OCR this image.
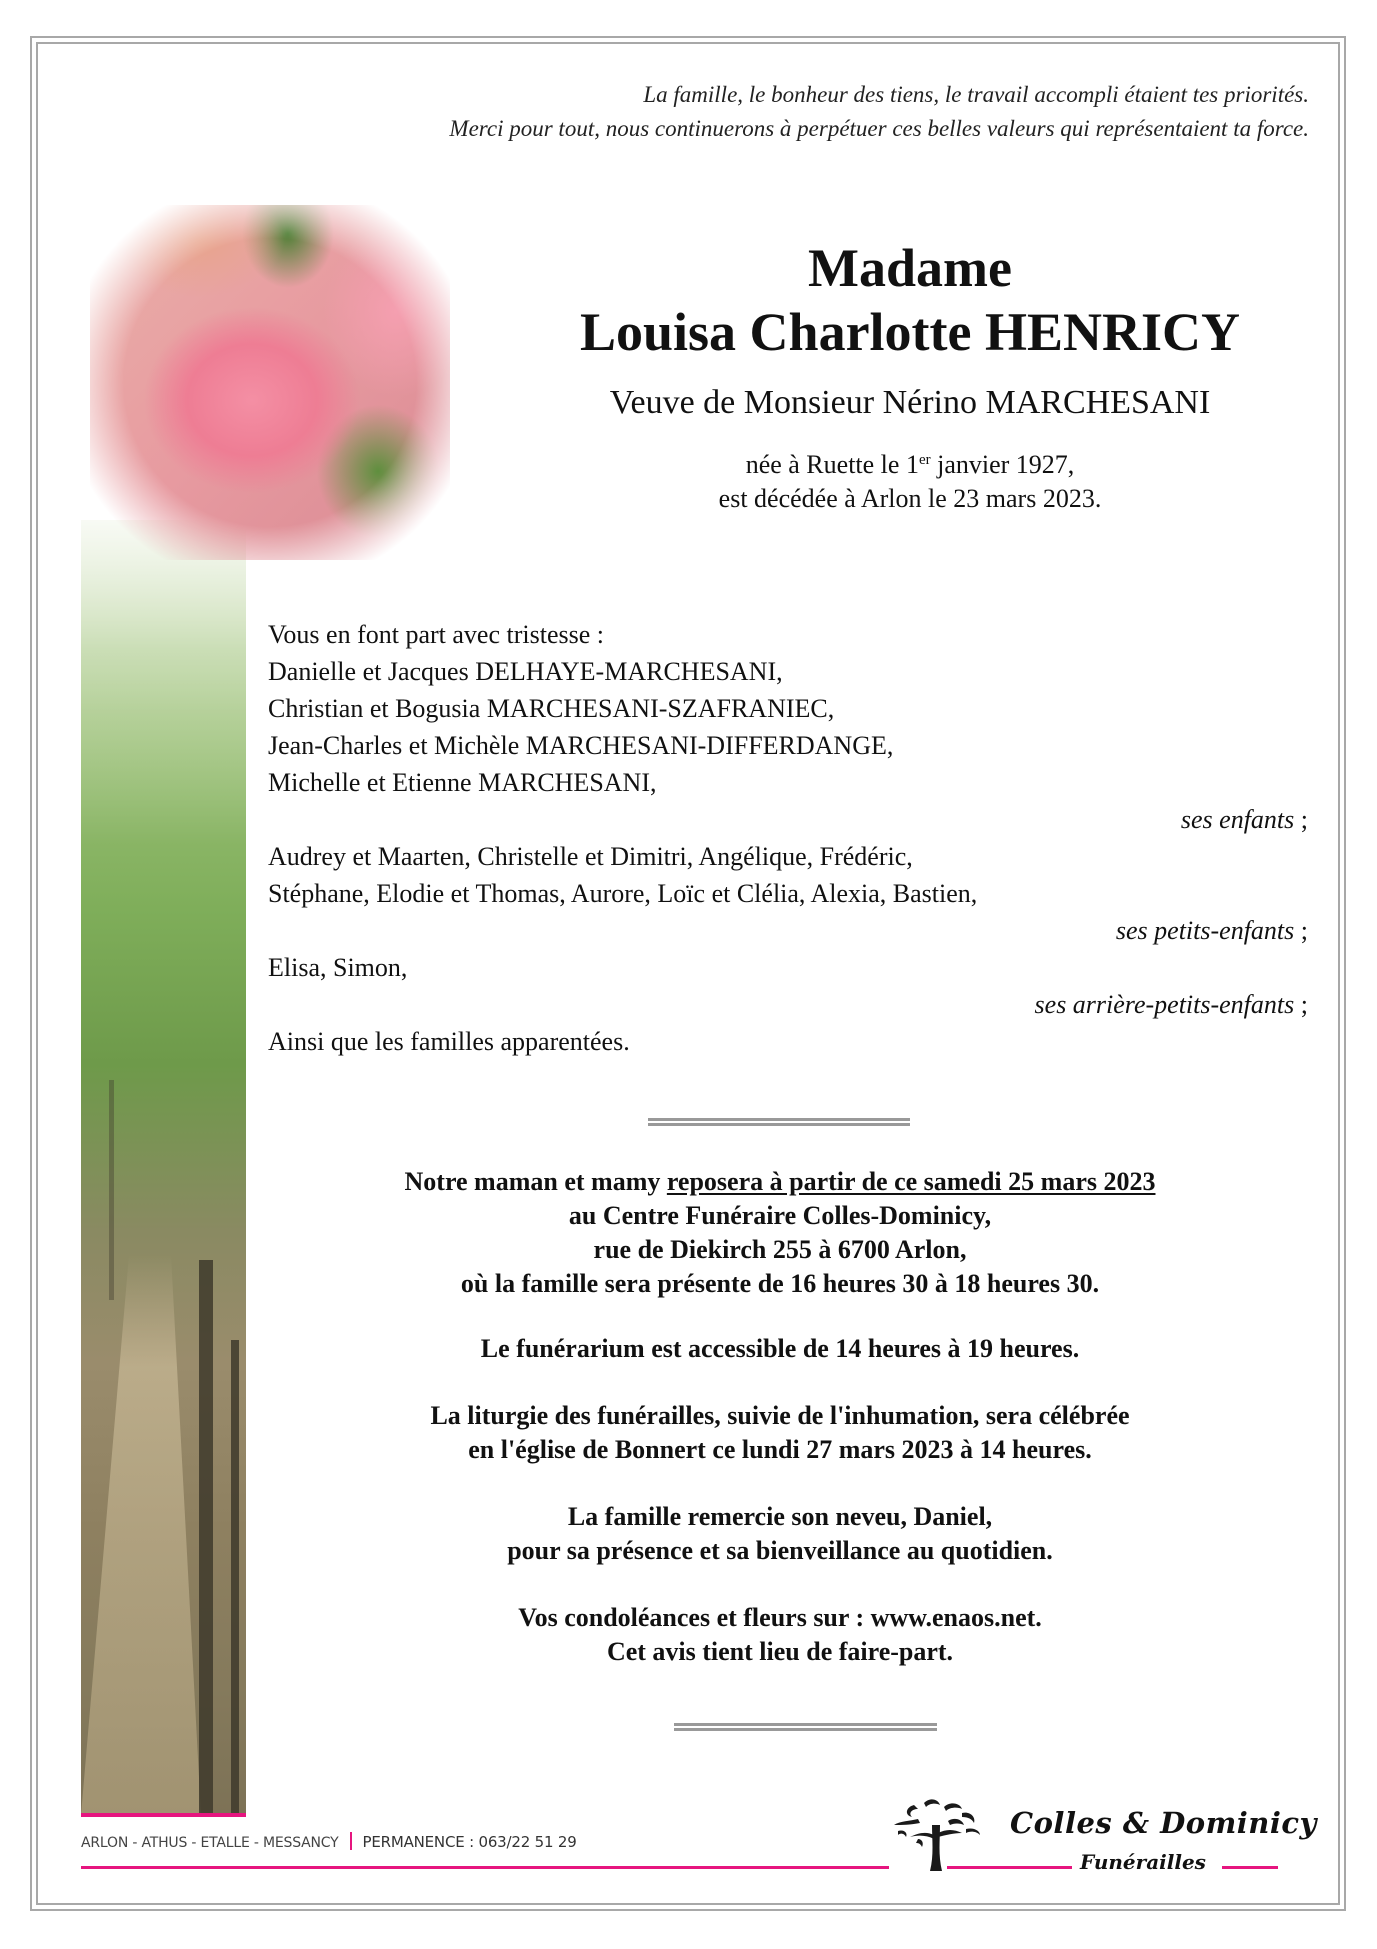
La famille, le bonheur des tiens, le travail accompli étaient tes priorités.
Merci pour tout, nous continuerons à perpétuer ces belles valeurs qui représentaient ta force.
Madame
Louisa Charlotte HENRICY
Veuve de Monsieur Nérino MARCHESANI
née à Ruette le 1er janvier 1927,
est décédée à Arlon le 23 mars 2023.
Vous en font part avec tristesse :
Danielle et Jacques DELHAYE-MARCHESANI,
Christian et Bogusia MARCHESANI-SZAFRANIEC,
Jean-Charles et Michèle MARCHESANI-DIFFERDANGE,
Michelle et Etienne MARCHESANI,
ses enfants ;
Audrey et Maarten, Christelle et Dimitri, Angélique, Frédéric,
Stéphane, Elodie et Thomas, Aurore, Loïc et Clélia, Alexia, Bastien,
ses petits-enfants ;
Elisa, Simon,
ses arrière-petits-enfants ;
Ainsi que les familles apparentées.
Notre maman et mamy reposera à partir de ce samedi 25 mars 2023
au Centre Funéraire Colles-Dominicy,
rue de Diekirch 255 à 6700 Arlon,
où la famille sera présente de 16 heures 30 à 18 heures 30.
Le funérarium est accessible de 14 heures à 19 heures.
La liturgie des funérailles, suivie de l'inhumation, sera célébrée
en l'église de Bonnert ce lundi 27 mars 2023 à 14 heures.
La famille remercie son neveu, Daniel,
pour sa présence et sa bienveillance au quotidien.
Vos condoléances et fleurs sur : www.enaos.net.
Cet avis tient lieu de faire-part.
ARLON - ATHUS - ETALLE - MESSANCY PERMANENCE : 063/22 51 29
Colles & Dominicy
Funérailles
